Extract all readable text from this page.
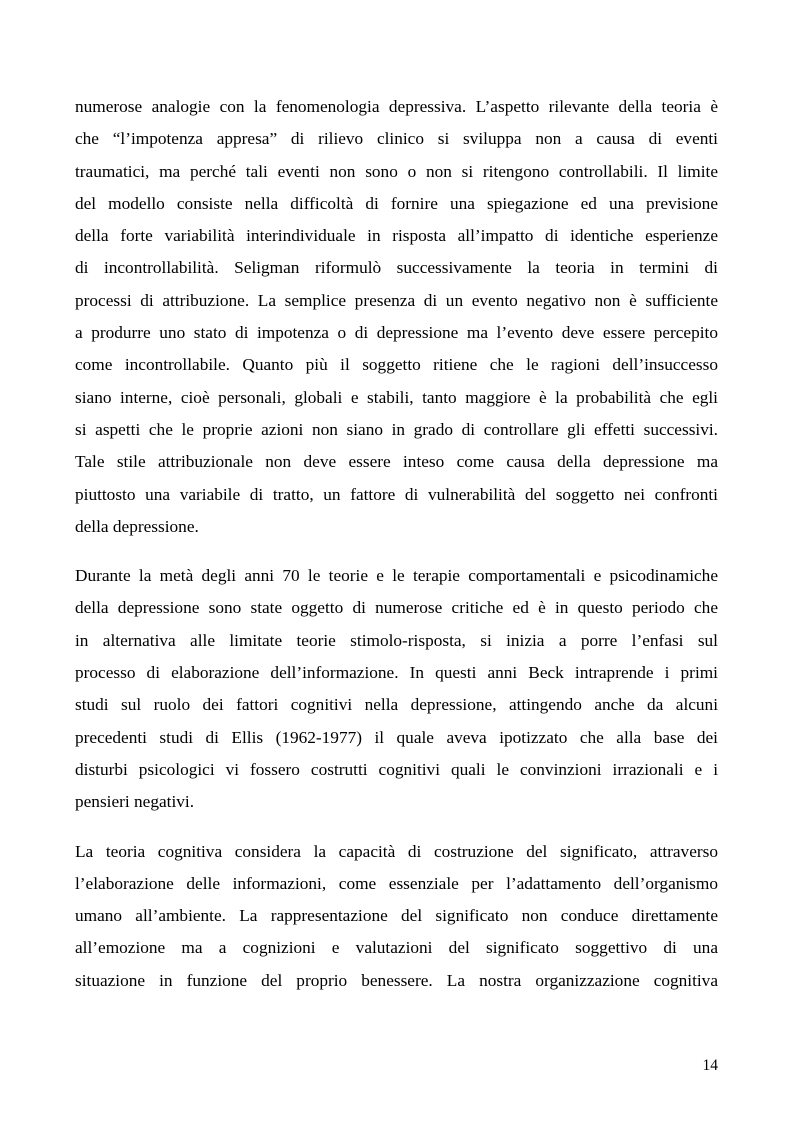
numerose analogie con la fenomenologia depressiva. L’aspetto rilevante della teoria è
che “l’impotenza appresa” di rilievo clinico si sviluppa non a causa di eventi
traumatici, ma perché tali eventi non sono o non si ritengono controllabili. Il limite
del modello consiste nella difficoltà di fornire una spiegazione ed una previsione
della forte variabilità interindividuale in risposta all’impatto di identiche esperienze
di incontrollabilità. Seligman riformulò successivamente la teoria in termini di
processi di attribuzione. La semplice presenza di un evento negativo non è sufficiente
a produrre uno stato di impotenza o di depressione ma l’evento deve essere percepito
come incontrollabile. Quanto più il soggetto ritiene che le ragioni dell’insuccesso
siano interne, cioè personali, globali e stabili, tanto maggiore è la probabilità che egli
si aspetti che le proprie azioni non siano in grado di controllare gli effetti successivi.
Tale stile attribuzionale non deve essere inteso come causa della depressione ma
piuttosto una variabile di tratto, un fattore di vulnerabilità del soggetto nei confronti
della depressione.

Durante la metà degli anni 70 le teorie e le terapie comportamentali e psicodinamiche
della depressione sono state oggetto di numerose critiche ed è in questo periodo che
in alternativa alle limitate teorie stimolo-risposta, si inizia a porre l’enfasi sul
processo di elaborazione dell’informazione. In questi anni Beck intraprende i primi
studi sul ruolo dei fattori cognitivi nella depressione, attingendo anche da alcuni
precedenti studi di Ellis (1962-1977) il quale aveva ipotizzato che alla base dei
disturbi psicologici vi fossero costrutti cognitivi quali le convinzioni irrazionali e i
pensieri negativi.

La teoria cognitiva considera la capacità di costruzione del significato, attraverso
l’elaborazione delle informazioni, come essenziale per l’adattamento dell’organismo
umano all’ambiente. La rappresentazione del significato non conduce direttamente
all’emozione ma a cognizioni e valutazioni del significato soggettivo di una
situazione in funzione del proprio benessere. La nostra organizzazione cognitiva

14
